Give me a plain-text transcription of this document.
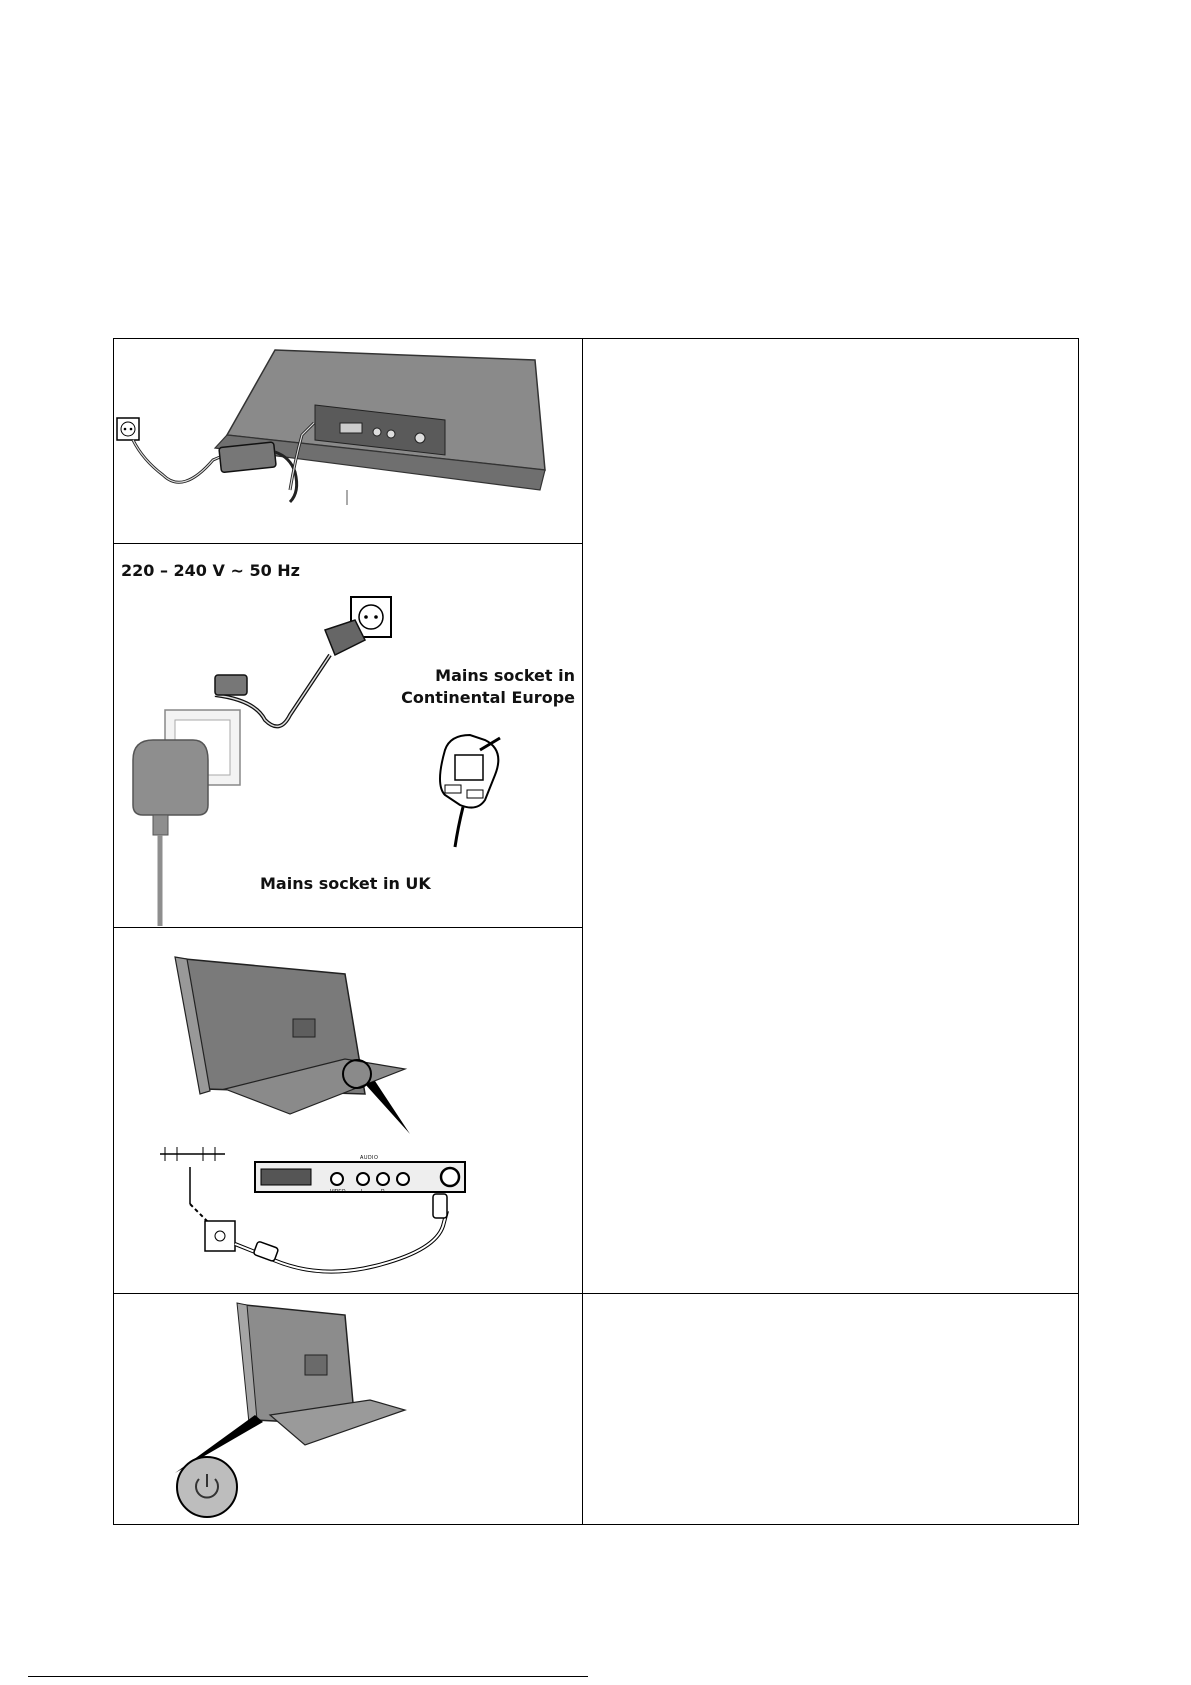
220 – 240 V ~ 50 Hz
Mains socket in
Continental Europe
Mains socket in UK
AUDIO
VIDEO	L	R
